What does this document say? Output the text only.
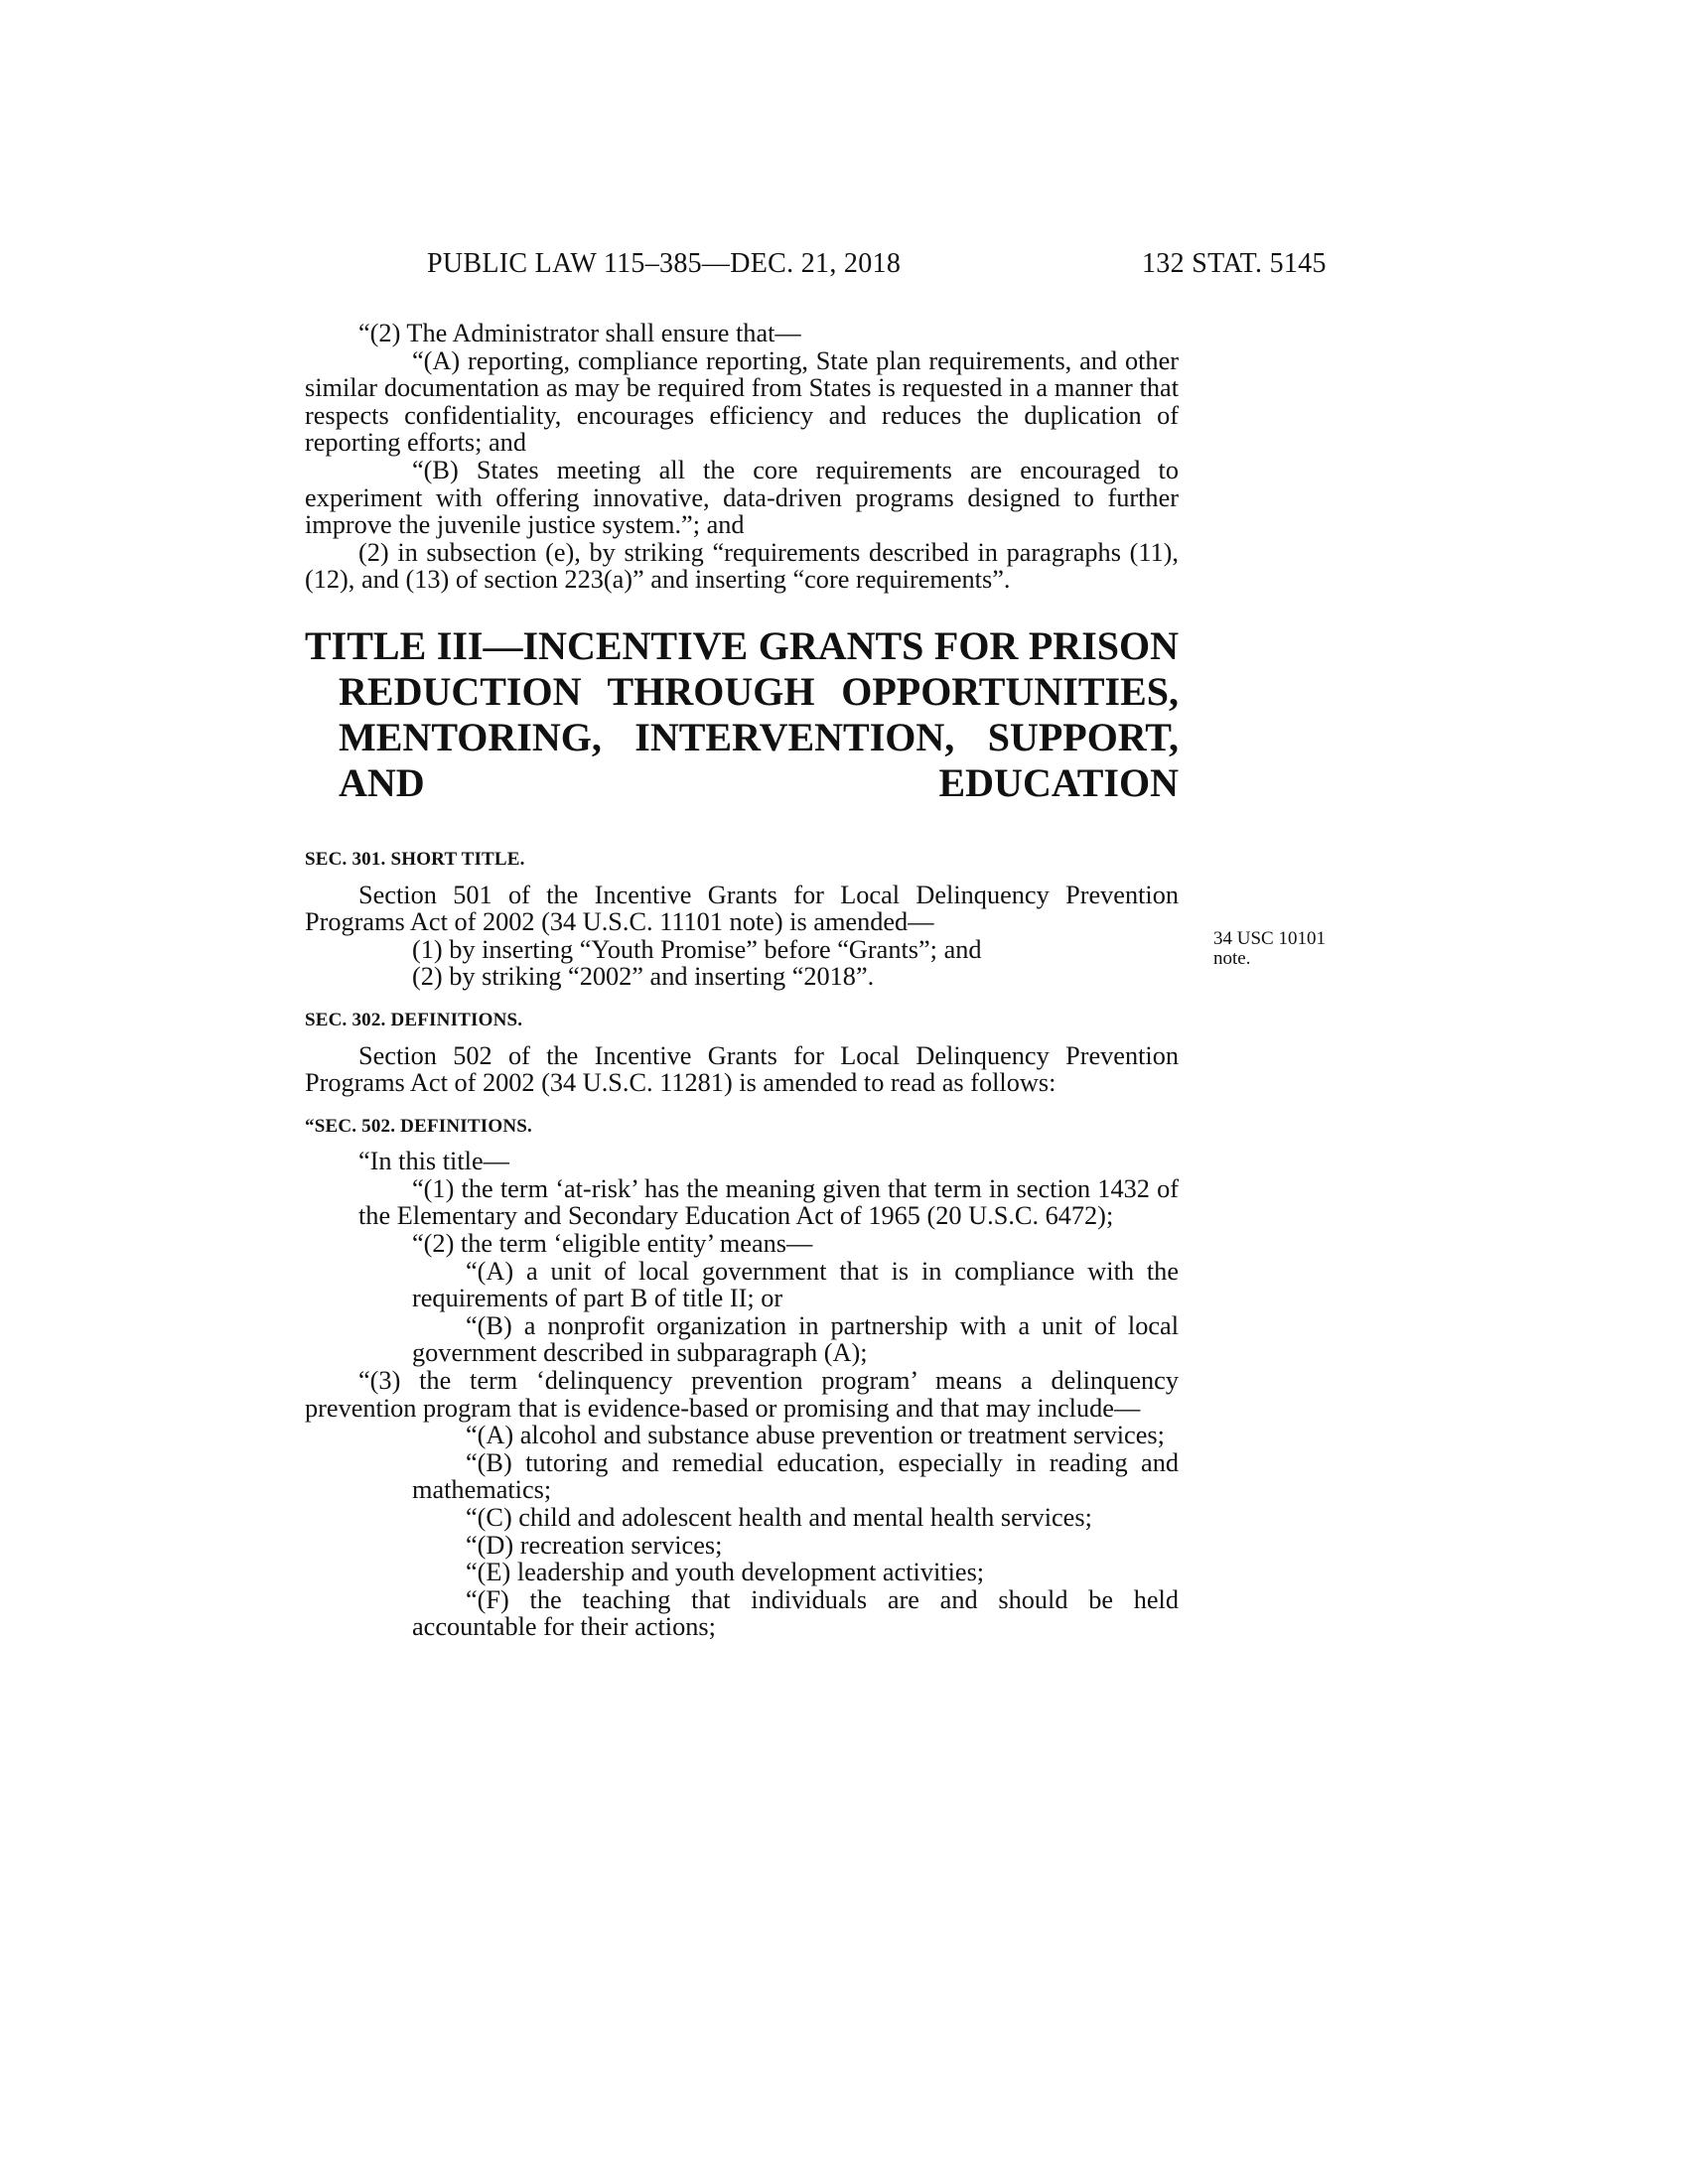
PUBLIC LAW 115–385—DEC. 21, 2018	132 STAT. 5145
34 USC 10101
note.

“(2) The Administrator shall ensure that—

“(A) reporting, compliance reporting, State plan requirements, and other similar documentation as may be required from States is requested in a manner that respects confidentiality, encourages efficiency and reduces the duplication of reporting efforts; and

“(B) States meeting all the core requirements are encouraged to experiment with offering innovative, data-driven programs designed to further improve the juvenile justice system.”; and

(2) in subsection (e), by striking “requirements described in paragraphs (11), (12), and (13) of section 223(a)” and inserting “core requirements”.

TITLE III—INCENTIVE GRANTS FOR PRISON REDUCTION THROUGH OPPORTUNITIES, MENTORING, INTERVENTION, SUPPORT, AND EDUCATION
SEC. 301. SHORT TITLE.

Section 501 of the Incentive Grants for Local Delinquency Prevention Programs Act of 2002 (34 U.S.C. 11101 note) is amended—

(1) by inserting “Youth Promise” before “Grants”; and

(2) by striking “2002” and inserting “2018”.

SEC. 302. DEFINITIONS.

Section 502 of the Incentive Grants for Local Delinquency Prevention Programs Act of 2002 (34 U.S.C. 11281) is amended to read as follows:

“SEC. 502. DEFINITIONS.

“In this title—

“(1) the term ‘at-risk’ has the meaning given that term in section 1432 of the Elementary and Secondary Education Act of 1965 (20 U.S.C. 6472);

“(2) the term ‘eligible entity’ means—

“(A) a unit of local government that is in compliance with the requirements of part B of title II; or

“(B) a nonprofit organization in partnership with a unit of local government described in subparagraph (A);

“(3) the term ‘delinquency prevention program’ means a delinquency prevention program that is evidence-based or promising and that may include—

“(A) alcohol and substance abuse prevention or treatment services;

“(B) tutoring and remedial education, especially in reading and mathematics;

“(C) child and adolescent health and mental health services;

“(D) recreation services;

“(E) leadership and youth development activities;

“(F) the teaching that individuals are and should be held accountable for their actions;
